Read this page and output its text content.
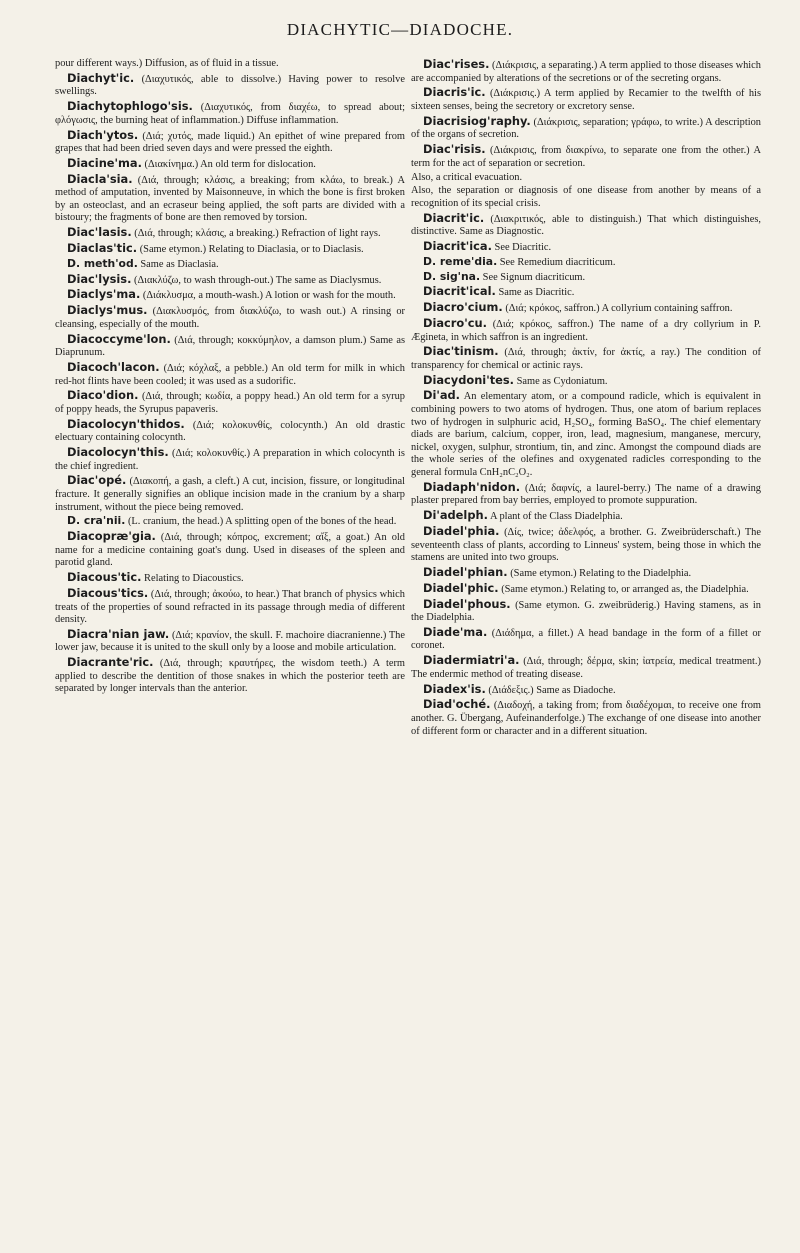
DIACHYTIC—DIADOCHE.

pour different ways.) Diffusion, as of fluid in a tissue.

Diachyt'ic. (Διαχυτικός, able to dissolve.) Having power to resolve swellings.

Diachytophlogo'sis. (Διαχυτικός, from διαχέω, to spread about; φλόγωσις, the burning heat of inflammation.) Diffuse inflammation.

Diach'ytos. (Διά; χυτός, made liquid.) An epithet of wine prepared from grapes that had been dried seven days and were pressed the eighth.

Diacine'ma. (Διακίνημα.) An old term for dislocation.

Diacla'sia. (Διά, through; κλάσις, a breaking; from κλάω, to break.) A method of amputation, invented by Maisonneuve, in which the bone is first broken by an osteoclast, and an ecraseur being applied, the soft parts are divided with a bistoury; the fragments of bone are then removed by torsion.

Diac'lasis. (Διά, through; κλάσις, a breaking.) Refraction of light rays.

Diaclas'tic. (Same etymon.) Relating to Diaclasia, or to Diaclasis.

D. meth'od. Same as Diaclasia.

Diac'lysis. (Διακλύζω, to wash through-out.) The same as Diaclysmus.

Diaclys'ma. (Διάκλυσμα, a mouth-wash.) A lotion or wash for the mouth.

Diaclys'mus. (Διακλυσμός, from διακλύζω, to wash out.) A rinsing or cleansing, especially of the mouth.

Diacoccyme'lon. (Διά, through; κοκκύμηλον, a damson plum.) Same as Diaprunum.

Diacoch'lacon. (Διά; κόχλαξ, a pebble.) An old term for milk in which red-hot flints have been cooled; it was used as a sudorific.

Diaco'dion. (Διά, through; κωδία, a poppy head.) An old term for a syrup of poppy heads, the Syrupus papaveris.

Diacolocyn'thidos. (Διά; κολοκυνθίς, colocynth.) An old drastic electuary containing colocynth.

Diacolocyn'this. (Διά; κολοκυνθίς.) A preparation in which colocynth is the chief ingredient.

Diac'opé. (Διακοπή, a gash, a cleft.) A cut, incision, fissure, or longitudinal fracture. It generally signifies an oblique incision made in the cranium by a sharp instrument, without the piece being removed.

D. cra'nii. (L. cranium, the head.) A splitting open of the bones of the head.

Diacopræ'gia. (Διά, through; κόπρος, excrement; αἴξ, a goat.) An old name for a medicine containing goat's dung. Used in diseases of the spleen and parotid gland.

Diacous'tic. Relating to Diacoustics.

Diacous'tics. (Διά, through; ἀκούω, to hear.) That branch of physics which treats of the properties of sound refracted in its passage through media of different density.

Diacra'nian jaw. (Διά; κρανίον, the skull. F. machoire diacranienne.) The lower jaw, because it is united to the skull only by a loose and mobile articulation.

Diacrante'ric. (Διά, through; κραυτήρες, the wisdom teeth.) A term applied to describe the dentition of those snakes in which the posterior teeth are separated by longer intervals than the anterior.

Diac'rises. (Διάκρισις, a separating.) A term applied to those diseases which are accompanied by alterations of the secretions or of the secreting organs.

Diacris'ic. (Διάκρισις.) A term applied by Recamier to the twelfth of his sixteen senses, being the secretory or excretory sense.

Diacrisiog'raphy. (Διάκρισις, separation; γράφω, to write.) A description of the organs of secretion.

Diac'risis. (Διάκρισις, from διακρίνω, to separate one from the other.) A term for the act of separation or secretion.

Also, a critical evacuation.

Also, the separation or diagnosis of one disease from another by means of a recognition of its special crisis.

Diacrit'ic. (Διακριτικός, able to distinguish.) That which distinguishes, distinctive. Same as Diagnostic.

Diacrit'ica. See Diacritic.

D. reme'dia. See Remedium diacriticum.

D. sig'na. See Signum diacriticum.

Diacrit'ical. Same as Diacritic.

Diacro'cium. (Διά; κρόκος, saffron.) A collyrium containing saffron.

Diacro'cu. (Διά; κρόκος, saffron.) The name of a dry collyrium in P. Ægineta, in which saffron is an ingredient.

Diac'tinism. (Διά, through; ἀκτίν, for ἀκτίς, a ray.) The condition of transparency for chemical or actinic rays.

Diacydoni'tes. Same as Cydoniatum.

Di'ad. An elementary atom, or a compound radicle, which is equivalent in combining powers to two atoms of hydrogen. Thus, one atom of barium replaces two of hydrogen in sulphuric acid, H₂SO₄, forming BaSO₄. The chief elementary diads are barium, calcium, copper, iron, lead, magnesium, manganese, mercury, nickel, oxygen, sulphur, strontium, tin, and zinc. Amongst the compound diads are the whole series of the olefines and oxygenated radicles corresponding to the general formula CnH₂nC₂O₂.

Diadaph'nidon. (Διά; δαφνίς, a laurel-berry.) The name of a drawing plaster prepared from bay berries, employed to promote suppuration.

Di'adelph. A plant of the Class Diadelphia.

Diadel'phia. (Δίς, twice; ἀδελφός, a brother. G. Zweibrüderschaft.) The seventeenth class of plants, according to Linneus' system, being those in which the stamens are united into two groups.

Diadel'phian. (Same etymon.) Relating to the Diadelphia.

Diadel'phic. (Same etymon.) Relating to, or arranged as, the Diadelphia.

Diadel'phous. (Same etymon. G. zweibrüderig.) Having stamens, as in the Diadelphia.

Diade'ma. (Διάδημα, a fillet.) A head bandage in the form of a fillet or coronet.

Diadermiatri'a. (Διά, through; δέρμα, skin; ἰατρεία, medical treatment.) The endermic method of treating disease.

Diadex'is. (Διάδεξις.) Same as Diadoche.

Diad'oché. (Διαδοχή, a taking from; from διαδέχομαι, to receive one from another. G. Übergang, Aufeinanderfolge.) The exchange of one disease into another of different form or character and in a different situation.
